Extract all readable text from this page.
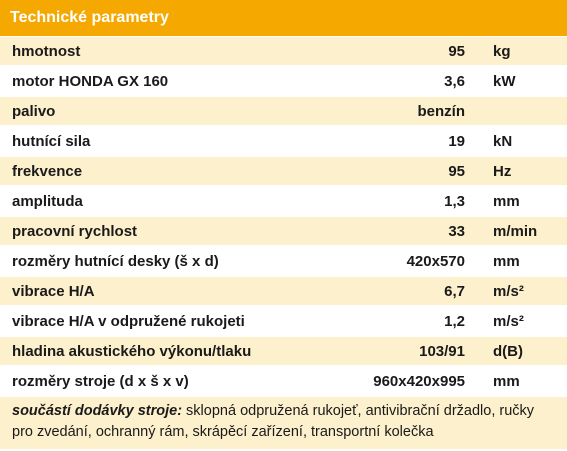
Technické parametry
hmotnost	95	kg
motor HONDA GX 160	3,6	kW
palivo	benzín
hutnící sila	19	kN
frekvence	95	Hz
amplituda	1,3	mm
pracovní rychlost	33	m/min
rozměry hutnící desky (š x d)	420x570	mm
vibrace H/A	6,7	m/s²
vibrace H/A v odpružené rukojeti	1,2	m/s²
hladina akustického výkonu/tlaku	103/91	d(B)
rozměry stroje (d x š x v)	960x420x995	mm
součástí dodávky stroje: sklopná odpružená rukojeť, antivibrační držadlo, ručky pro zvedání, ochranný rám, skrápěcí zařízení, transportní kolečka
